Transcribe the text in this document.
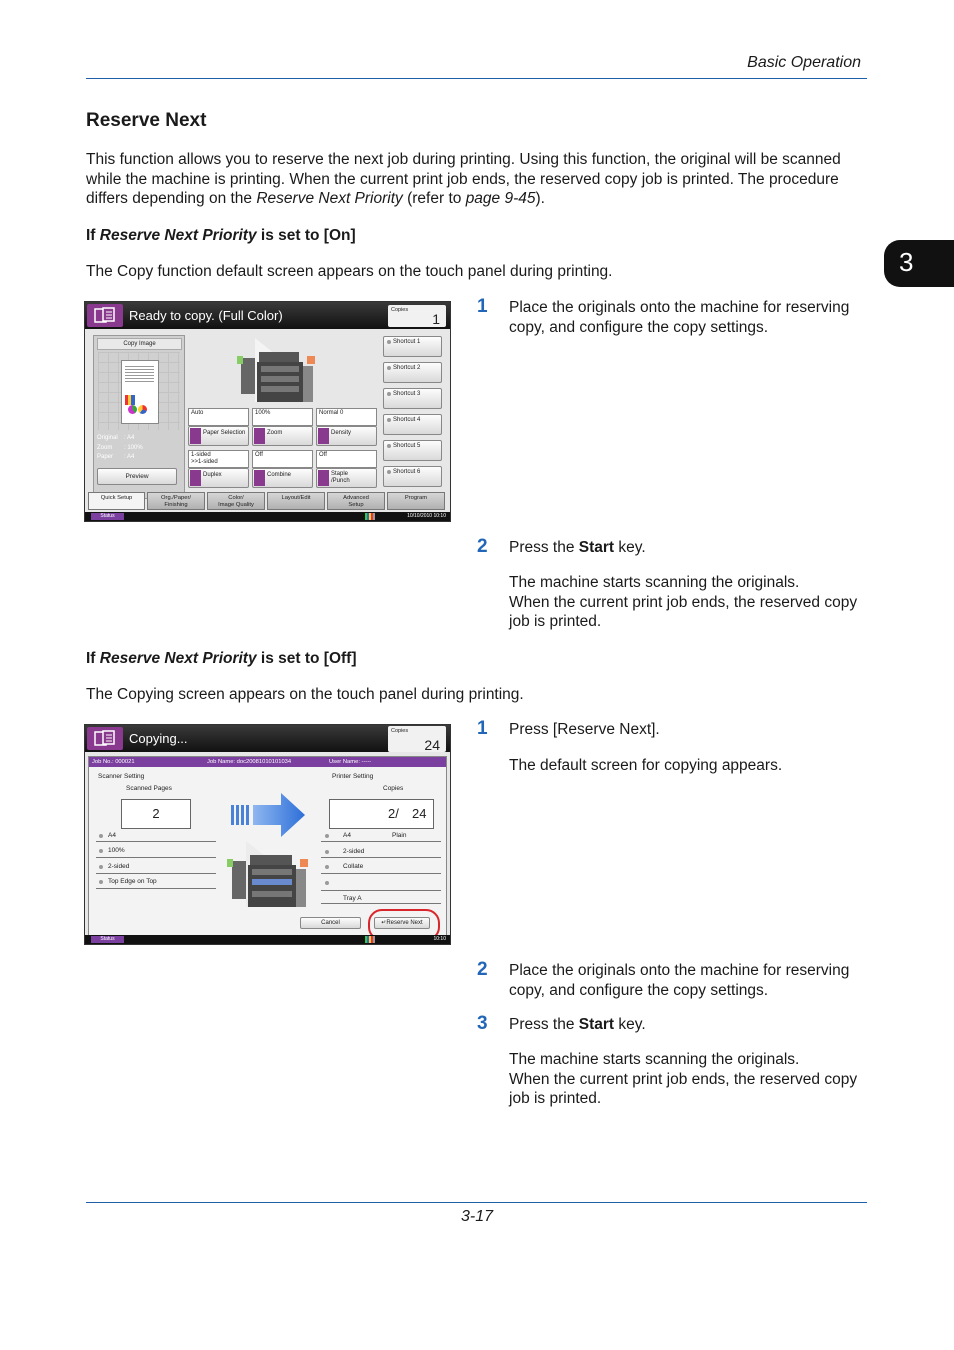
Basic Operation
3
Reserve Next
This function allows you to reserve the next job during printing. Using this function, the original will be scanned
while the machine is printing. When the current print job ends, the reserved copy job is printed. The procedure
differs depending on the Reserve Next Priority (refer to page 9-45).
If Reserve Next Priority is set to [On]
The Copy function default screen appears on the touch panel during printing.
1 Place the originals onto the machine for reserving copy, and configure the copy settings.
2 Press the Start key.
The machine starts scanning the originals.
When the current print job ends, the reserved copy job is printed.
Ready to copy. (Full Color)	Copies
1
Copy Image
Original : A4
Zoom : 100%
Paper : A4
Preview
Auto
Paper Selection
100%
Zoom
Normal 0
Density
1-sided
>>1-sided
Duplex
Off
Combine
Off
Staple
/Punch
Shortcut 1
Shortcut 2
Shortcut 3
Shortcut 4
Shortcut 5
Shortcut 6
Quick Setup	Org./Paper/
Finishing
Color/
Image Quality
Layout/Edit	Advanced
Setup
Program
Status	10/10/2010 10:10
If Reserve Next Priority is set to [Off]
The Copying screen appears on the touch panel during printing.
1 Press [Reserve Next].
The default screen for copying appears.
2 Place the originals onto the machine for reserving copy, and configure the copy settings.
3 Press the Start key.
The machine starts scanning the originals.
When the current print job ends, the reserved copy job is printed.
Copying...	Copies
24
Job No.: 000021	Job Name: doc20081010101034	User Name: -----
Scanner Setting	Printer Setting
Scanned Pages	Copies
2	2/ 24
A4
100%
2-sided
Top Edge on Top
A4	Plain
2-sided
Collate
Tray A
Cancel	↵Reserve Next
Status	10:10
3-17
